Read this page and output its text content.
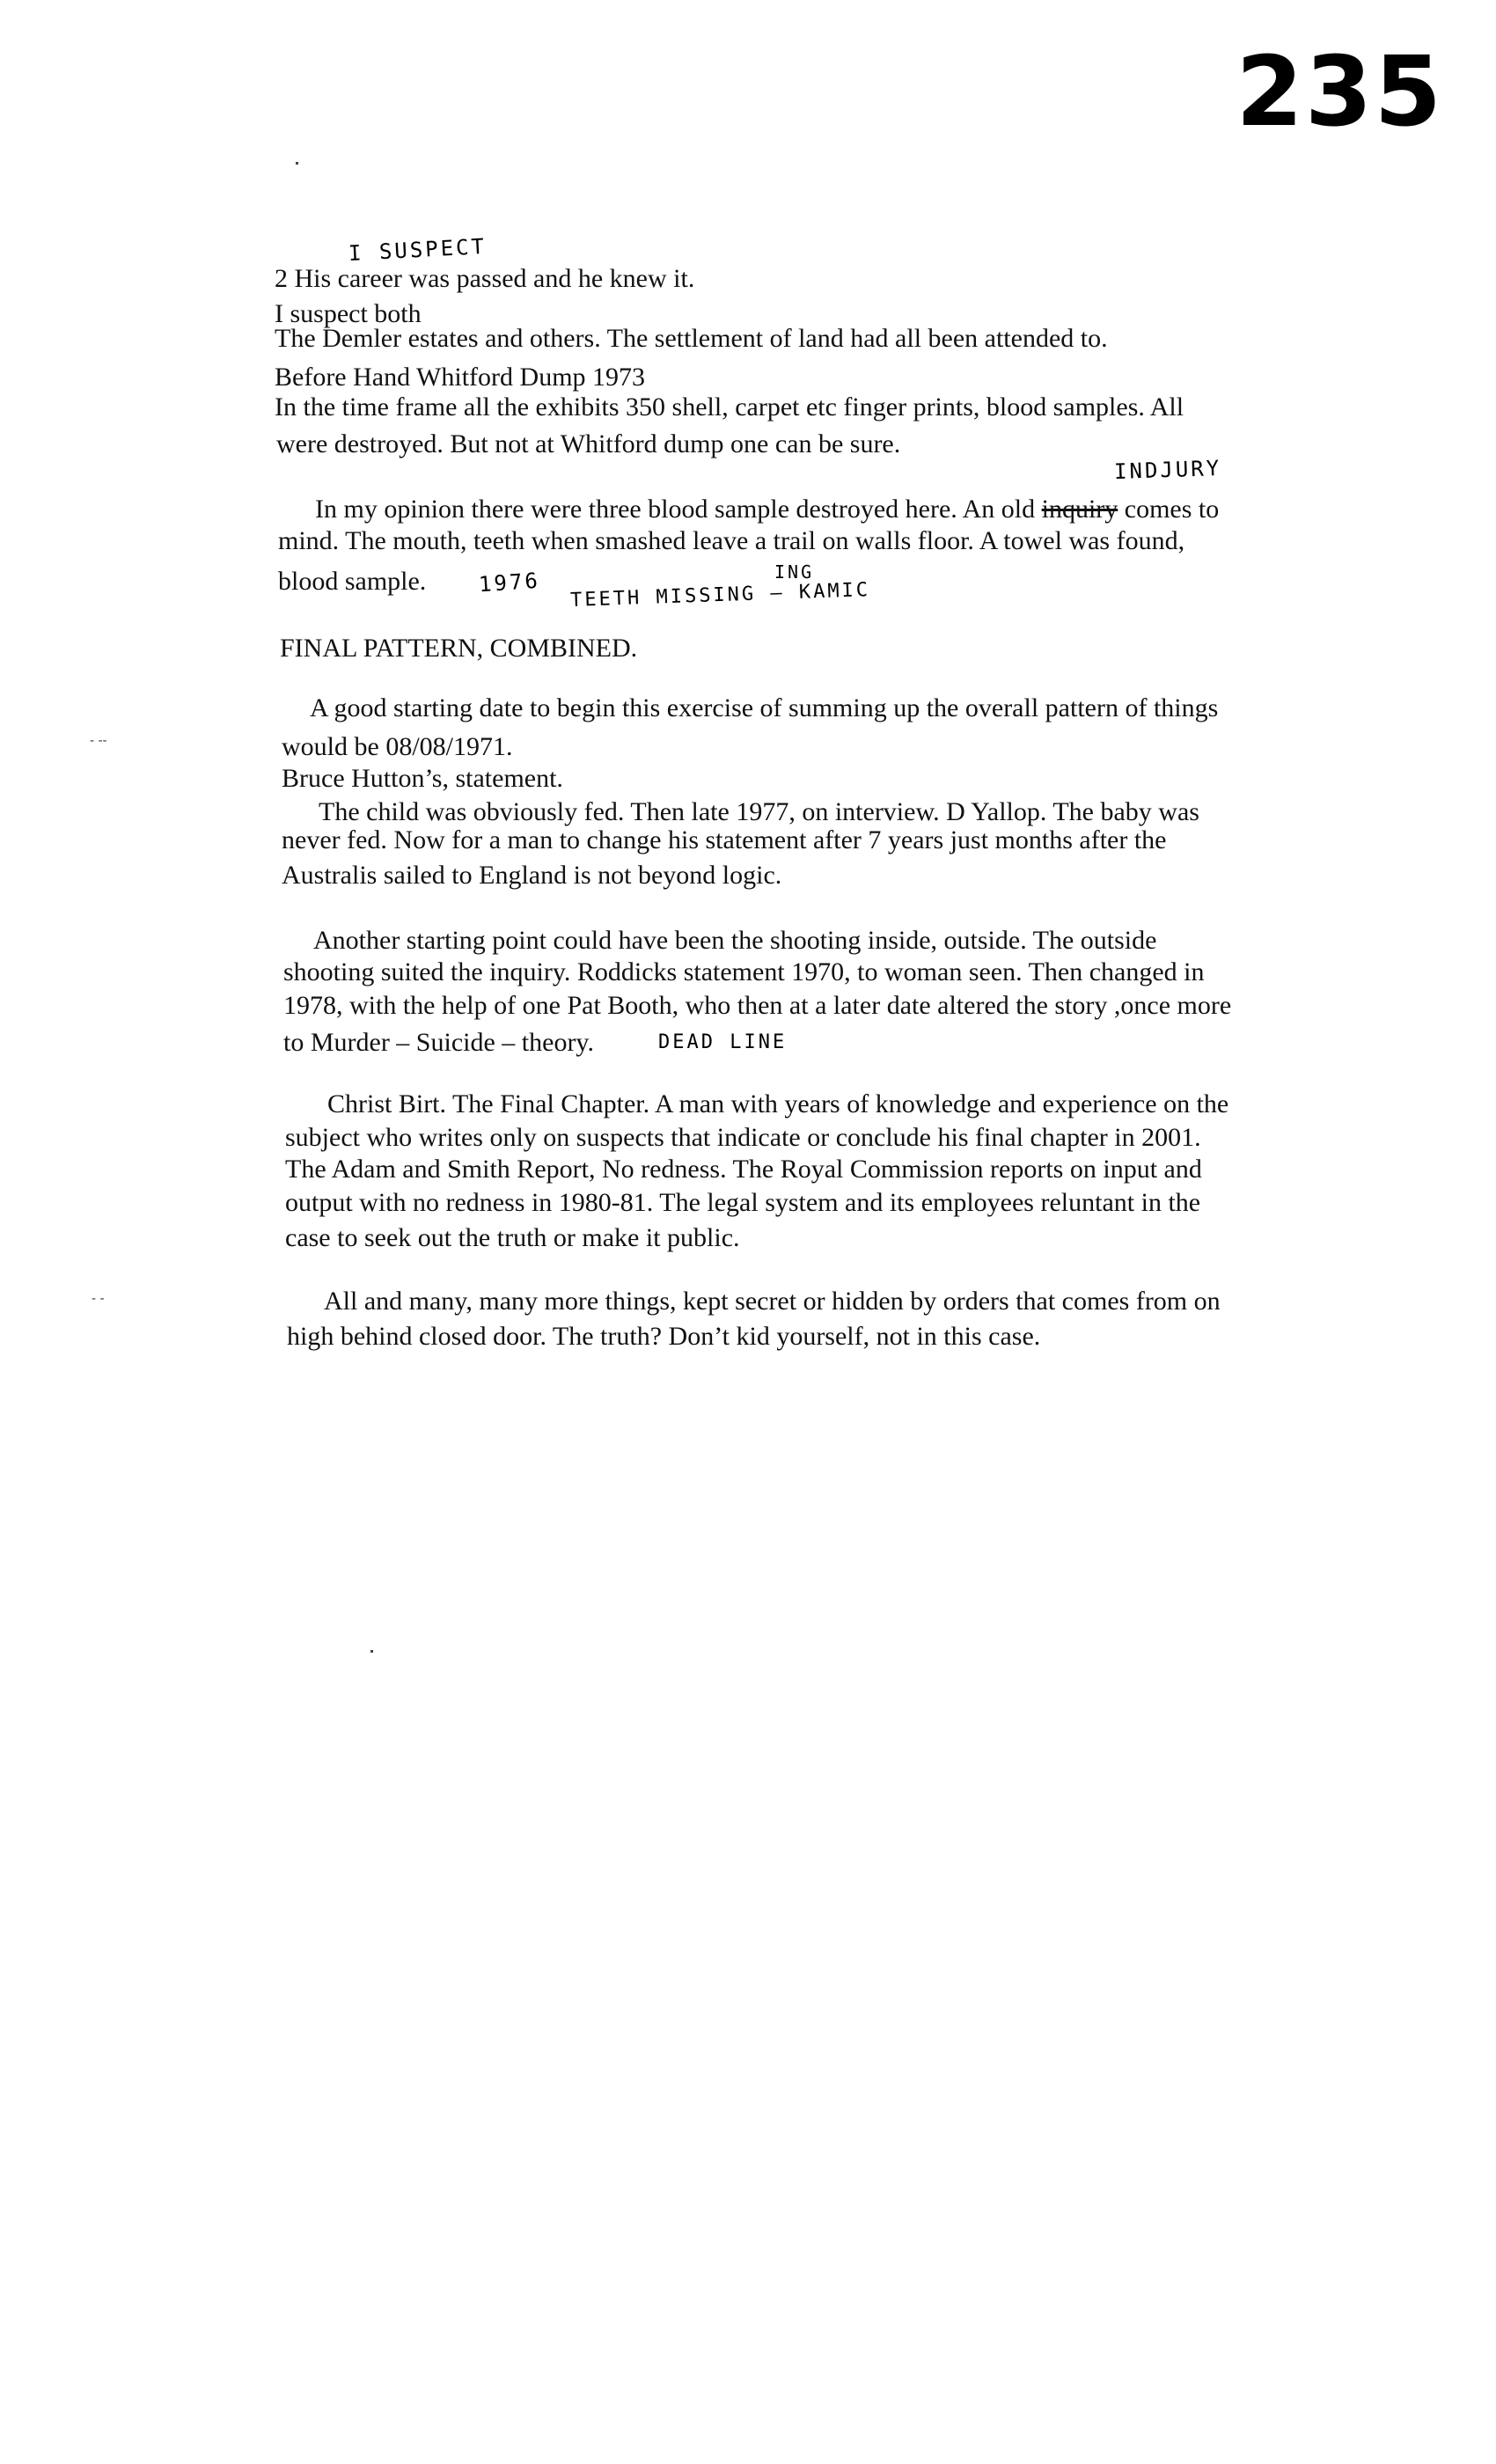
235
- --
- -
I SUSPECT
2 His career was passed and he knew it.
I suspect both
The Demler estates and others. The settlement of land had all been attended to.
Before Hand Whitford Dump 1973
In the time frame all the exhibits 350 shell, carpet etc finger prints, blood samples. All
were destroyed. But not at Whitford dump one can be sure.
INDJURY
In my opinion there were three blood sample destroyed here. An old inquiry comes to
mind. The mouth, teeth when smashed leave a trail on walls floor. A towel was found,
blood sample. 1976	ING
TEETH MISSING — KAMIC
FINAL PATTERN, COMBINED.
A good starting date to begin this exercise of summing up the overall pattern of things
would be 08/08/1971.
Bruce Hutton’s, statement.
The child was obviously fed. Then late 1977, on interview. D Yallop. The baby was
never fed. Now for a man to change his statement after 7 years just months after the
Australis sailed to England is not beyond logic.
Another starting point could have been the shooting inside, outside. The outside
shooting suited the inquiry. Roddicks statement 1970, to woman seen. Then changed in
1978, with the help of one Pat Booth, who then at a later date altered the story ,once more
to Murder – Suicide – theory.	DEAD LINE
Christ Birt. The Final Chapter. A man with years of knowledge and experience on the
subject who writes only on suspects that indicate or conclude his final chapter in 2001.
The Adam and Smith Report, No redness. The Royal Commission reports on input and
output with no redness in 1980-81. The legal system and its employees reluntant in the
case to seek out the truth or make it public.
All and many, many more things, kept secret or hidden by orders that comes from on
high behind closed door. The truth? Don’t kid yourself, not in this case.
